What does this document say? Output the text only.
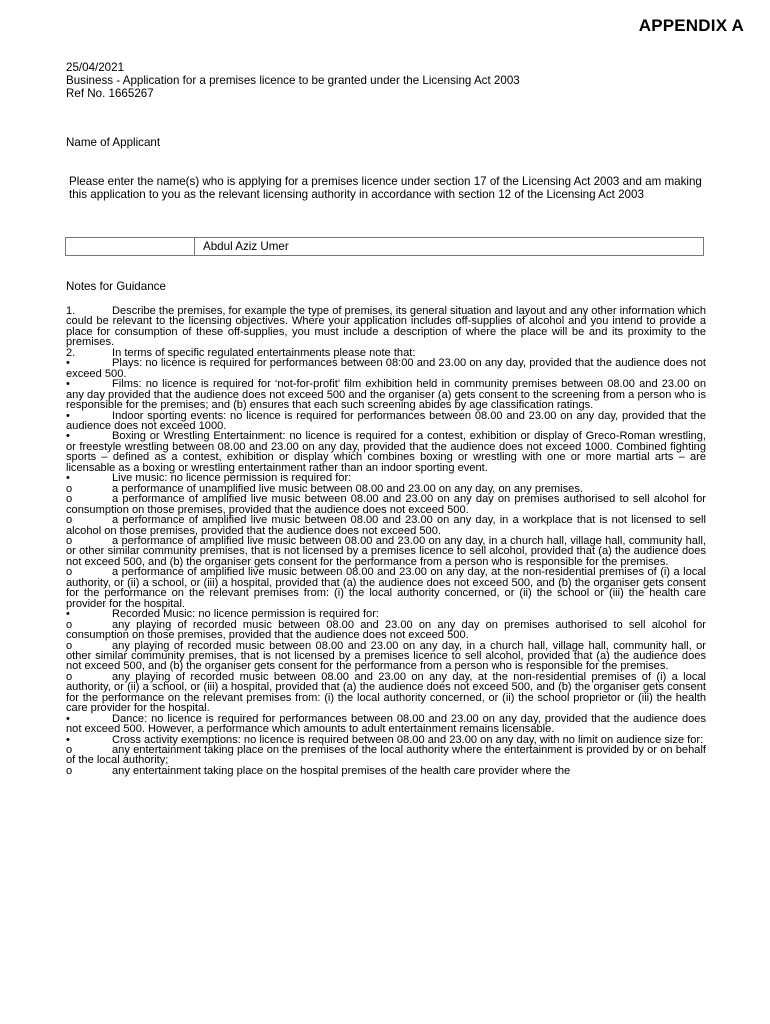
APPENDIX A
25/04/2021
Business - Application for a premises licence to be granted under the Licensing Act 2003
Ref No. 1665267
Name of Applicant
Please enter the name(s) who is applying for a premises licence under section 17 of the Licensing Act 2003 and am making this application to you as the relevant licensing authority in accordance with section 12 of the Licensing Act 2003
Abdul Aziz Umer
Notes for Guidance

1.	Describe the premises, for example the type of premises, its general situation and layout and any other information which could be relevant to the licensing objectives. Where your application includes off-supplies of alcohol and you intend to provide a place for consumption of these off-supplies, you must include a description of where the place will be and its proximity to the premises.

2.	In terms of specific regulated entertainments please note that:

•	Plays: no licence is required for performances between 08:00 and 23.00 on any day, provided that the audience does not exceed 500.

•	Films: no licence is required for ‘not-for-profit’ film exhibition held in community premises between 08.00 and 23.00 on any day provided that the audience does not exceed 500 and the organiser (a) gets consent to the screening from a person who is responsible for the premises; and (b) ensures that each such screening abides by age classification ratings.

•	Indoor sporting events: no licence is required for performances between 08.00 and 23.00 on any day, provided that the audience does not exceed 1000.

•	Boxing or Wrestling Entertainment: no licence is required for a contest, exhibition or display of Greco-Roman wrestling, or freestyle wrestling between 08.00 and 23.00 on any day, provided that the audience does not exceed 1000. Combined fighting sports – defined as a contest, exhibition or display which combines boxing or wrestling with one or more martial arts – are licensable as a boxing or wrestling entertainment rather than an indoor sporting event.

•	Live music: no licence permission is required for:

o	a performance of unamplified live music between 08.00 and 23.00 on any day, on any premises.

o	a performance of amplified live music between 08.00 and 23.00 on any day on premises authorised to sell alcohol for consumption on those premises, provided that the audience does not exceed 500.

o	a performance of amplified live music between 08.00 and 23.00 on any day, in a workplace that is not licensed to sell alcohol on those premises, provided that the audience does not exceed 500.

o	a performance of amplified live music between 08.00 and 23.00 on any day, in a church hall, village hall, community hall, or other similar community premises, that is not licensed by a premises licence to sell alcohol, provided that (a) the audience does not exceed 500, and (b) the organiser gets consent for the performance from a person who is responsible for the premises.

o	a performance of amplified live music between 08.00 and 23.00 on any day, at the non-residential premises of (i) a local authority, or (ii) a school, or (iii) a hospital, provided that (a) the audience does not exceed 500, and (b) the organiser gets consent for the performance on the relevant premises from: (i) the local authority concerned, or (ii) the school or (iii) the health care provider for the hospital.

•	Recorded Music: no licence permission is required for:

o	any playing of recorded music between 08.00 and 23.00 on any day on premises authorised to sell alcohol for consumption on those premises, provided that the audience does not exceed 500.

o	any playing of recorded music between 08.00 and 23.00 on any day, in a church hall, village hall, community hall, or other similar community premises, that is not licensed by a premises licence to sell alcohol, provided that (a) the audience does not exceed 500, and (b) the organiser gets consent for the performance from a person who is responsible for the premises.

o	any playing of recorded music between 08.00 and 23.00 on any day, at the non-residential premises of (i) a local authority, or (ii) a school, or (iii) a hospital, provided that (a) the audience does not exceed 500, and (b) the organiser gets consent for the performance on the relevant premises from: (i) the local authority concerned, or (ii) the school proprietor or (iii) the health care provider for the hospital.

•	Dance: no licence is required for performances between 08.00 and 23.00 on any day, provided that the audience does not exceed 500. However, a performance which amounts to adult entertainment remains licensable.

•	Cross activity exemptions: no licence is required between 08.00 and 23.00 on any day, with no limit on audience size for:

o	any entertainment taking place on the premises of the local authority where the entertainment is provided by or on behalf of the local authority;

o	any entertainment taking place on the hospital premises of the health care provider where the
